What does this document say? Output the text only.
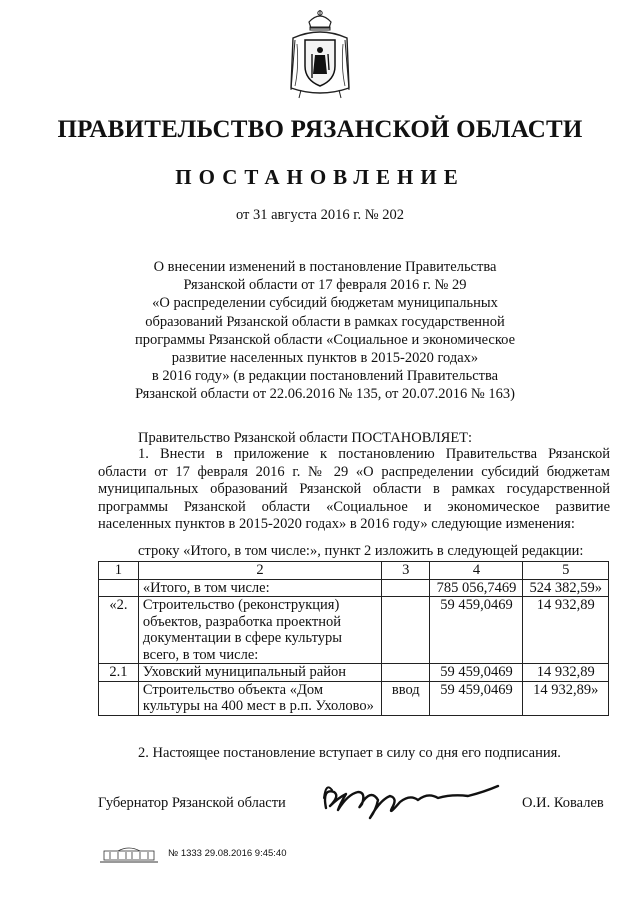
ПРАВИТЕЛЬСТВО РЯЗАНСКОЙ ОБЛАСТИ
ПОСТАНОВЛЕНИЕ
от 31 августа 2016 г. № 202
О внесении изменений в постановление Правительства
Рязанской области от 17 февраля 2016 г. № 29
«О распределении субсидий бюджетам муниципальных
образований Рязанской области в рамках государственной
программы Рязанской области «Социальное и экономическое
развитие населенных пунктов в 2015-2020 годах»
в 2016 году» (в редакции постановлений Правительства
Рязанской области от 22.06.2016 № 135, от 20.07.2016 № 163)
Правительство Рязанской области ПОСТАНОВЛЯЕТ:
1. Внести в приложение к постановлению Правительства Рязанской
области от 17 февраля 2016 г. № 29 «О распределении субсидий бюджетам
муниципальных образований Рязанской области в рамках государственной
программы Рязанской области «Социальное и экономическое развитие
населенных пунктов в 2015-2020 годах» в 2016 году» следующие изменения:
строку «Итого, в том числе:», пункт 2 изложить в следующей редакции:
1	2	3	4	5
	«Итого, в том числе:		785 056,7469	524 382,59»
«2.	Строительство (реконструкция) объектов, разработка проектной документации в сфере культуры всего, в том числе:		59 459,0469	14 932,89
2.1	Уховский муниципальный район		59 459,0469	14 932,89
	Строительство объекта «Дом культуры на 400 мест в р.п. Ухолово»	ввод	59 459,0469	14 932,89»
2. Настоящее постановление вступает в силу со дня его подписания.
Губернатор Рязанской области	О.И. Ковалев
№ 1333 29.08.2016 9:45:40
